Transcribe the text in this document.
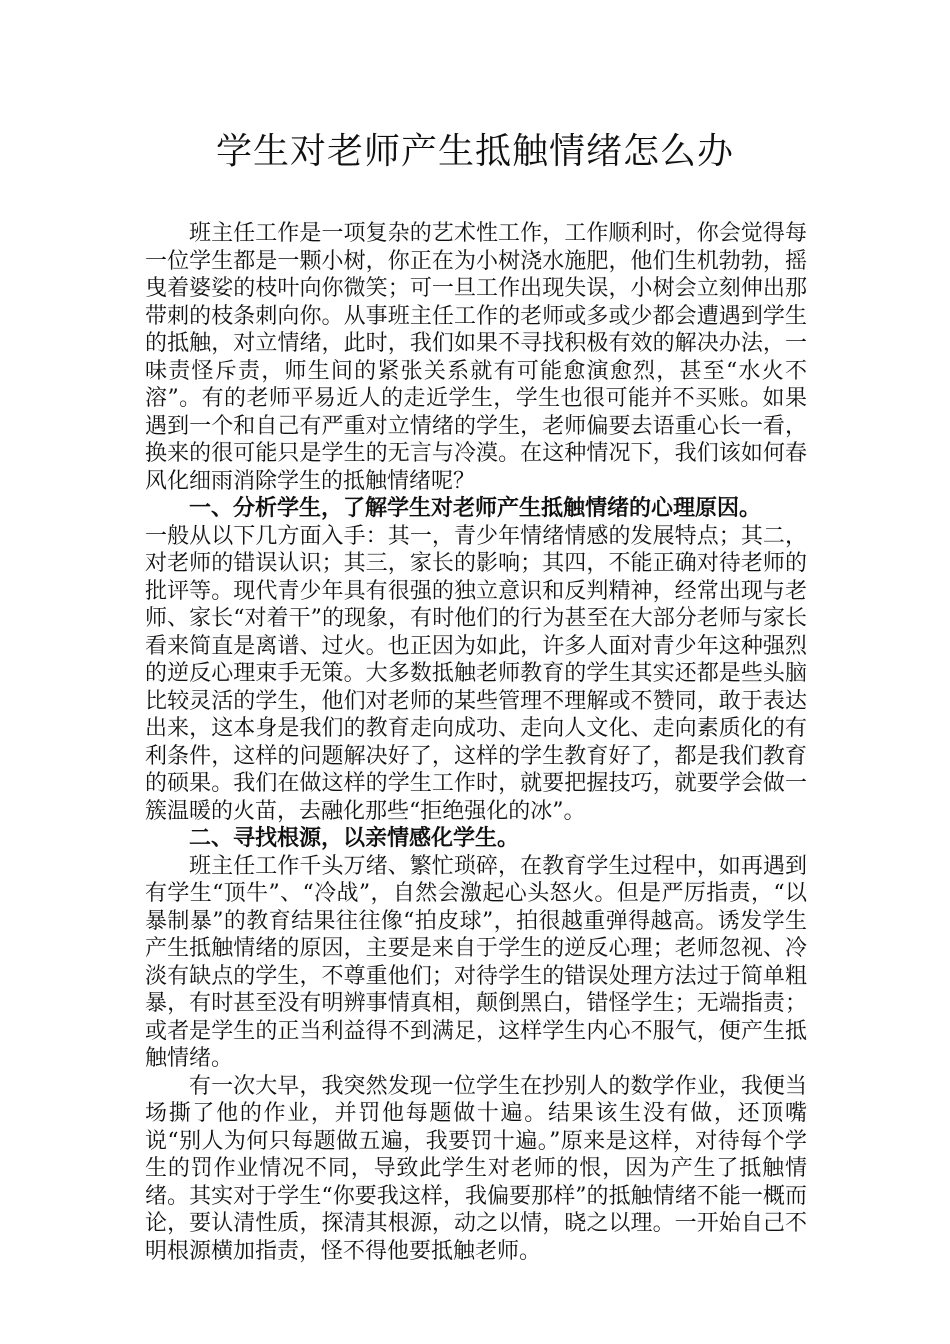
学生对老师产生抵触情绪怎么办

班主任工作是一项复杂的艺术性工作，工作顺利时，你会觉得每一位学生都是一颗小树，你正在为小树浇水施肥，他们生机勃勃，摇曳着婆娑的枝叶向你微笑；可一旦工作出现失误，小树会立刻伸出那带刺的枝条刺向你。从事班主任工作的老师或多或少都会遭遇到学生的抵触，对立情绪，此时，我们如果不寻找积极有效的解决办法，一味责怪斥责，师生间的紧张关系就有可能愈演愈烈，甚至“水火不溶”。有的老师平易近人的走近学生，学生也很可能并不买账。如果遇到一个和自己有严重对立情绪的学生，老师偏要去语重心长一看，换来的很可能只是学生的无言与冷漠。在这种情况下，我们该如何春风化细雨消除学生的抵触情绪呢？

一、分析学生，了解学生对老师产生抵触情绪的心理原因。

一般从以下几方面入手：其一，青少年情绪情感的发展特点；其二，对老师的错误认识；其三，家长的影响；其四，不能正确对待老师的批评等。现代青少年具有很强的独立意识和反判精神，经常出现与老师、家长“对着干”的现象，有时他们的行为甚至在大部分老师与家长看来简直是离谱、过火。也正因为如此，许多人面对青少年这种强烈的逆反心理束手无策。大多数抵触老师教育的学生其实还都是些头脑比较灵活的学生，他们对老师的某些管理不理解或不赞同，敢于表达出来，这本身是我们的教育走向成功、走向人文化、走向素质化的有利条件，这样的问题解决好了，这样的学生教育好了，都是我们教育的硕果。我们在做这样的学生工作时，就要把握技巧，就要学会做一簇温暖的火苗，去融化那些“拒绝强化的冰”。

二、寻找根源，以亲情感化学生。

班主任工作千头万绪、繁忙琐碎，在教育学生过程中，如再遇到有学生“顶牛”、“冷战”，自然会激起心头怒火。但是严厉指责，“以暴制暴”的教育结果往往像“拍皮球”，拍很越重弹得越高。诱发学生产生抵触情绪的原因，主要是来自于学生的逆反心理；老师忽视、冷淡有缺点的学生，不尊重他们；对待学生的错误处理方法过于简单粗暴，有时甚至没有明辨事情真相，颠倒黑白，错怪学生；无端指责；或者是学生的正当利益得不到满足，这样学生内心不服气，便产生抵触情绪。

有一次大早，我突然发现一位学生在抄别人的数学作业，我便当场撕了他的作业，并罚他每题做十遍。结果该生没有做，还顶嘴说“别人为何只每题做五遍，我要罚十遍。”原来是这样，对待每个学生的罚作业情况不同，导致此学生对老师的恨，因为产生了抵触情绪。其实对于学生“你要我这样，我偏要那样”的抵触情绪不能一概而论，要认清性质，探清其根源，动之以情，晓之以理。一开始自己不明根源横加指责，怪不得他要抵触老师。
